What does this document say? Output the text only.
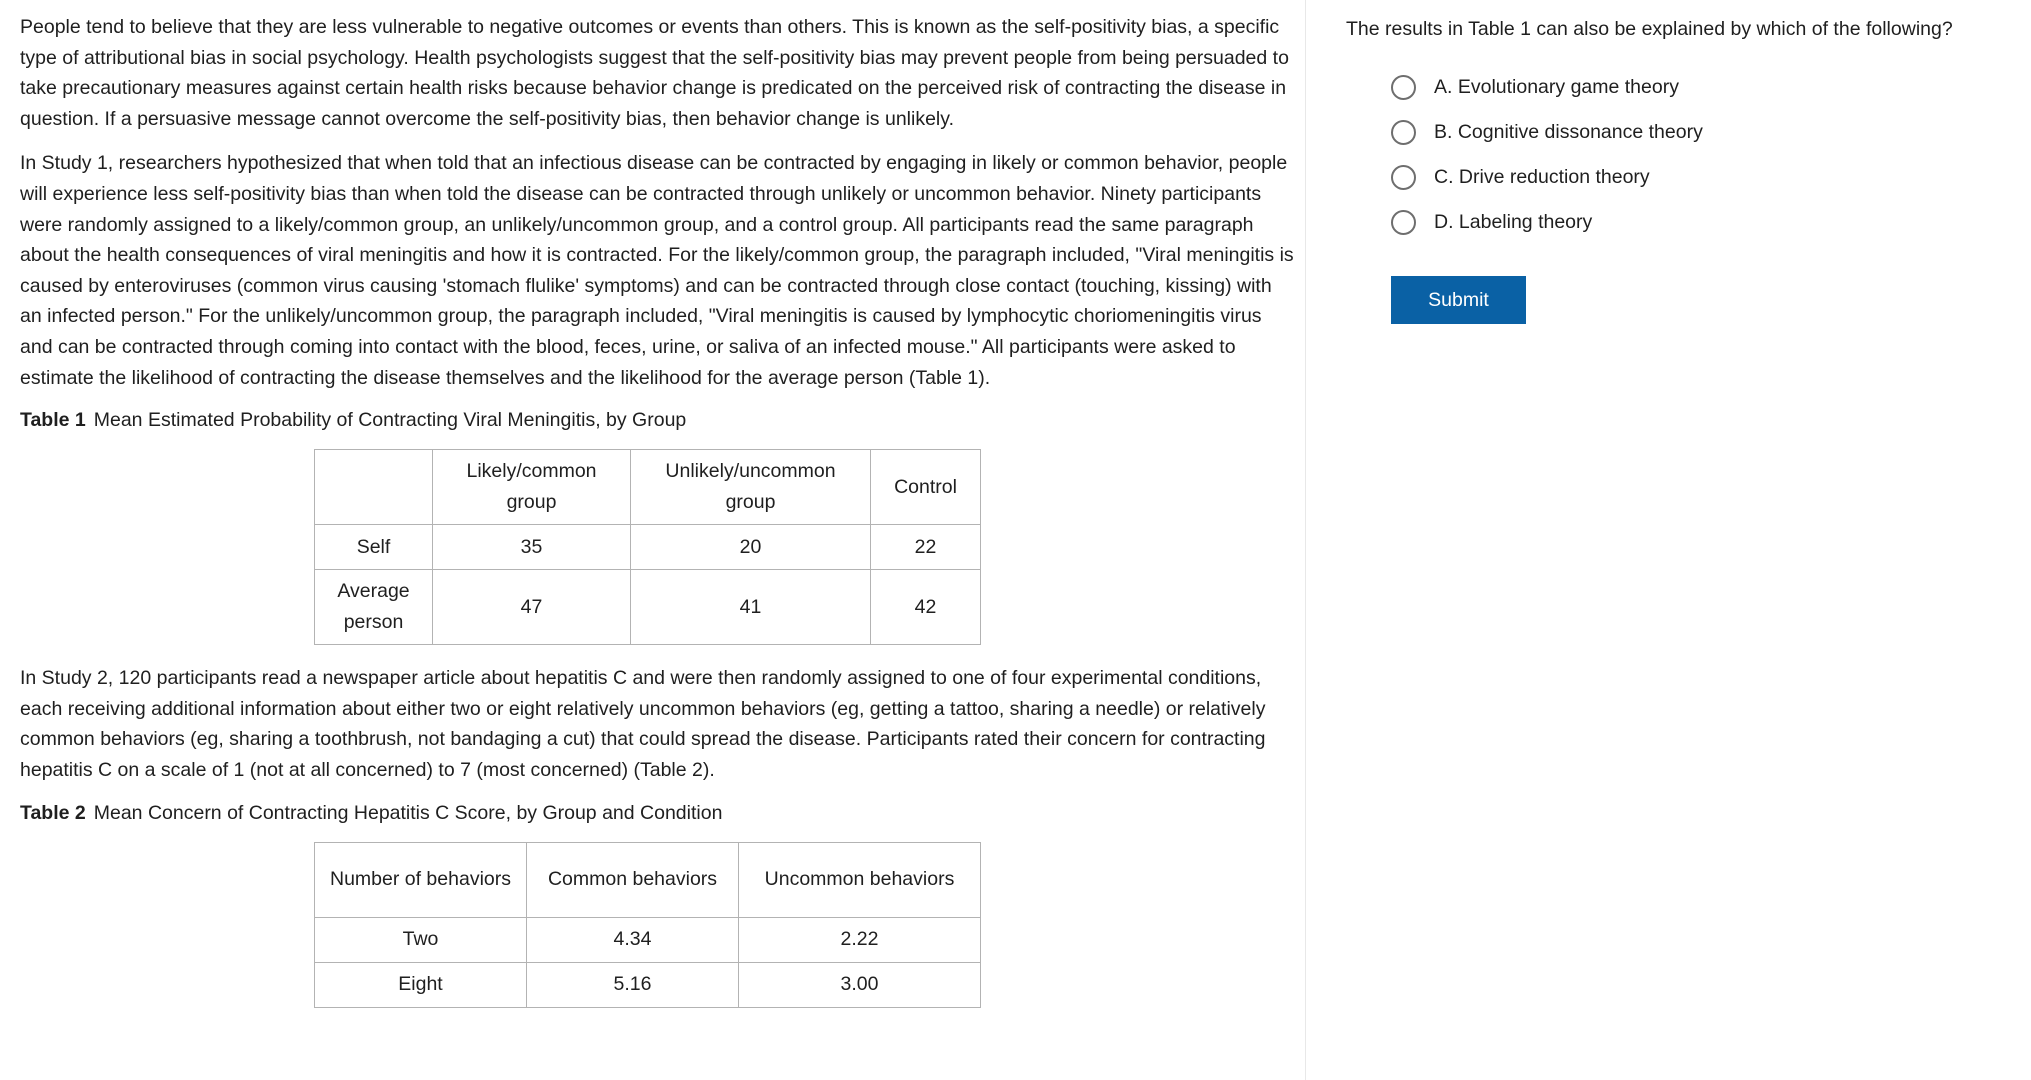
People tend to believe that they are less vulnerable to negative outcomes or events than others. This is known as the self-positivity bias, a specific type of attributional bias in social psychology. Health psychologists suggest that the self-positivity bias may prevent people from being persuaded to take precautionary measures against certain health risks because behavior change is predicated on the perceived risk of contracting the disease in question. If a persuasive message cannot overcome the self-positivity bias, then behavior change is unlikely.

In Study 1, researchers hypothesized that when told that an infectious disease can be contracted by engaging in likely or common behavior, people will experience less self-positivity bias than when told the disease can be contracted through unlikely or uncommon behavior. Ninety participants were randomly assigned to a likely/common group, an unlikely/uncommon group, and a control group. All participants read the same paragraph about the health consequences of viral meningitis and how it is contracted. For the likely/common group, the paragraph included, "Viral meningitis is caused by enteroviruses (common virus causing 'stomach flulike' symptoms) and can be contracted through close contact (touching, kissing) with an infected person." For the unlikely/uncommon group, the paragraph included, "Viral meningitis is caused by lymphocytic choriomeningitis virus and can be contracted through coming into contact with the blood, feces, urine, or saliva of an infected mouse." All participants were asked to estimate the likelihood of contracting the disease themselves and the likelihood for the average person (Table 1).

Table 1 Mean Estimated Probability of Contracting Viral Meningitis, by Group
	Likely/common group	Unlikely/uncommon group	Control
Self	35	20	22
Average person	47	41	42

In Study 2, 120 participants read a newspaper article about hepatitis C and were then randomly assigned to one of four experimental conditions, each receiving additional information about either two or eight relatively uncommon behaviors (eg, getting a tattoo, sharing a needle) or relatively common behaviors (eg, sharing a toothbrush, not bandaging a cut) that could spread the disease. Participants rated their concern for contracting hepatitis C on a scale of 1 (not at all concerned) to 7 (most concerned) (Table 2).

Table 2 Mean Concern of Contracting Hepatitis C Score, by Group and Condition
Number of behaviors	Common behaviors	Uncommon behaviors
Two	4.34	2.22
Eight	5.16	3.00
The results in Table 1 can also be explained by which of the following?
A. Evolutionary game theory
B. Cognitive dissonance theory
C. Drive reduction theory
D. Labeling theory
Submit
